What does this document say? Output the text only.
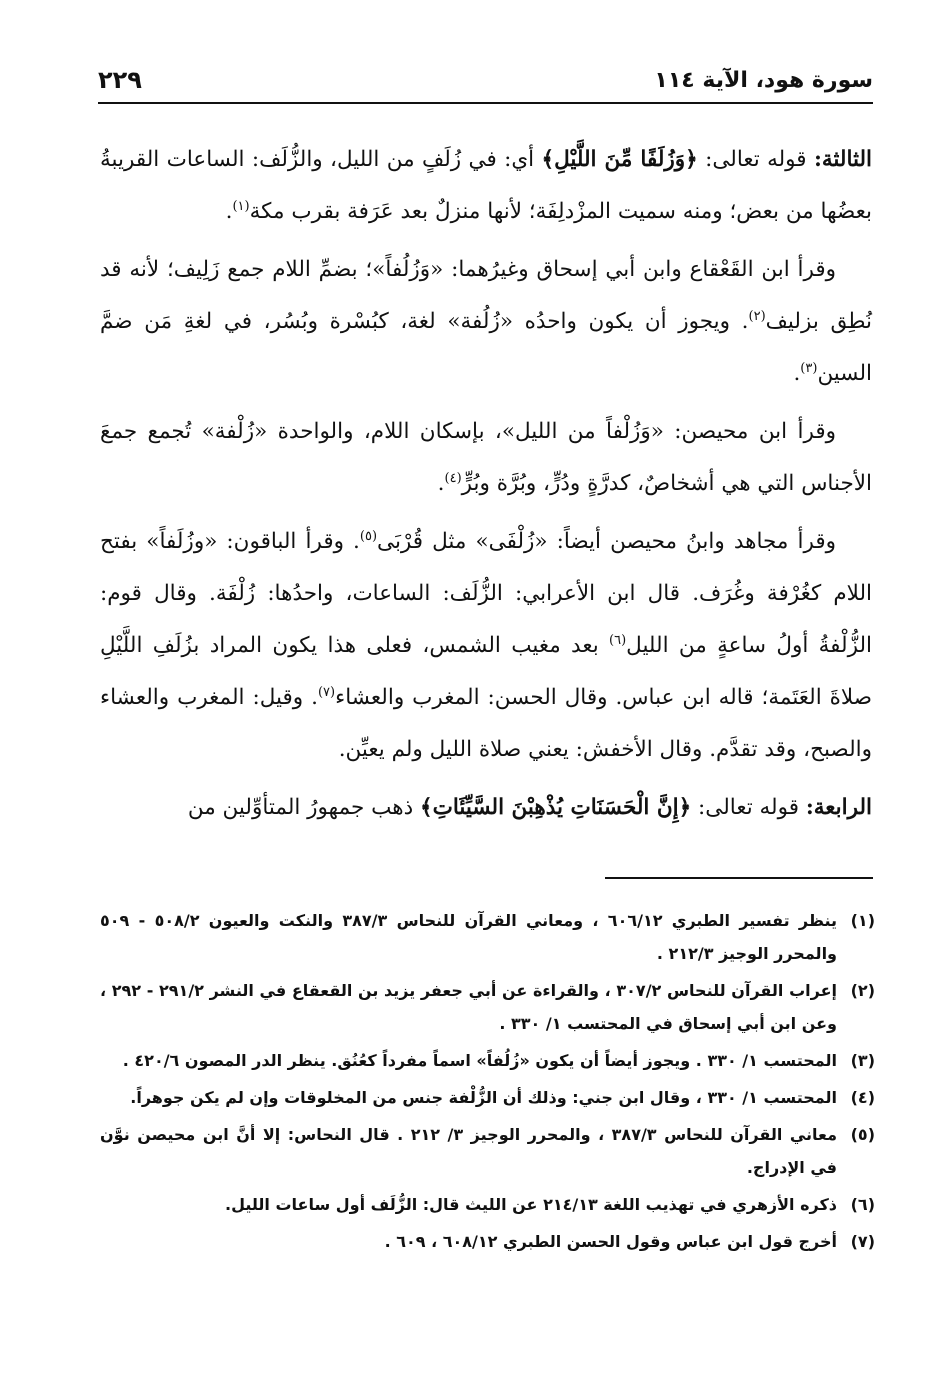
سورة هود، الآية ١١٤
٢٢٩

الثالثة: قوله تعالى: ﴿وَزُلَفًا مِّنَ اللَّيْلِ﴾ أي: في زُلَفٍ من الليل، والزُّلَف: الساعات القريبةُ بعضُها من بعض؛ ومنه سميت المزْدلِفَة؛ لأنها منزلٌ بعد عَرَفة بقرب مكة$^{(١)}$.

وقرأ ابن القَعْقاع وابن أبي إسحاق وغيرُهما: «وَزُلُفاً»؛ بضمِّ اللام جمع زَلِيف؛ لأنه قد نُطِق بزليف$^{(٢)}$. ويجوز أن يكون واحدُه «زُلُفة» لغة، كبُسْرة وبُسُر، في لغةِ مَن ضمَّ السين$^{(٣)}$.

وقرأ ابن محيصن: «وَزُلْفاً من الليل»، بإسكان اللام، والواحدة «زُلْفة» تُجمع جمعَ الأجناس التي هي أشخاصٌ، كدرَّةٍ ودُرٍّ، وبُرَّة وبُرٍّ$^{(٤)}$.

وقرأ مجاهد وابنُ محيصن أيضاً: «زُلْفَى» مثل قُرْبَى$^{(٥)}$. وقرأ الباقون: «وزُلَفاً» بفتح اللام كغُرْفة وغُرَف. قال ابن الأعرابي: الزُّلَف: الساعات، واحدُها: زُلْفَة. وقال قوم: الزُّلْفةُ أولُ ساعةٍ من الليل$^{(٦)}$ بعد مغيب الشمس، فعلى هذا يكون المراد بزُلَفِ اللَّيْلِ صلاةَ العَتَمة؛ قاله ابن عباس. وقال الحسن: المغرب والعشاء$^{(٧)}$. وقيل: المغرب والعشاء والصبح، وقد تقدَّم. وقال الأخفش: يعني صلاة الليل ولم يعيِّن.

الرابعة: قوله تعالى: ﴿إِنَّ الْحَسَنَاتِ يُذْهِبْنَ السَّيِّئَاتِ﴾ ذهب جمهورُ المتأوِّلين من

(١)
ينظر تفسير الطبري ٦٠٦/١٢ ، ومعاني القرآن للنحاس ٣٨٧/٣ والنكت والعيون ٥٠٨/٢ - ٥٠٩ والمحرر الوجيز ٢١٢/٣ .
(٢)
إعراب القرآن للنحاس ٣٠٧/٢ ، والقراءة عن أبي جعفر يزيد بن القعقاع في النشر ٢٩١/٢ - ٢٩٢ ، وعن ابن أبي إسحاق في المحتسب ١/ ٣٣٠ .
(٣)
المحتسب ١/ ٣٣٠ . ويجوز أيضاً أن يكون «زُلُفاً» اسماً مفرداً كعُنُق. ينظر الدر المصون ٤٢٠/٦ .
(٤)
المحتسب ١/ ٣٣٠ ، وقال ابن جني: وذلك أن الزُّلْفة جنس من المخلوقات وإن لم يكن جوهراً.
(٥)
معاني القرآن للنحاس ٣٨٧/٣ ، والمحرر الوجيز ٣/ ٢١٢ . قال النحاس: إلا أنَّ ابن محيصن نوَّن في الإدراج.
(٦)
ذكره الأزهري في تهذيب اللغة ٢١٤/١٣ عن الليث قال: الزُّلَف أول ساعات الليل.
(٧)
أخرج قول ابن عباس وقول الحسن الطبري ٦٠٨/١٢ ، ٦٠٩ .
